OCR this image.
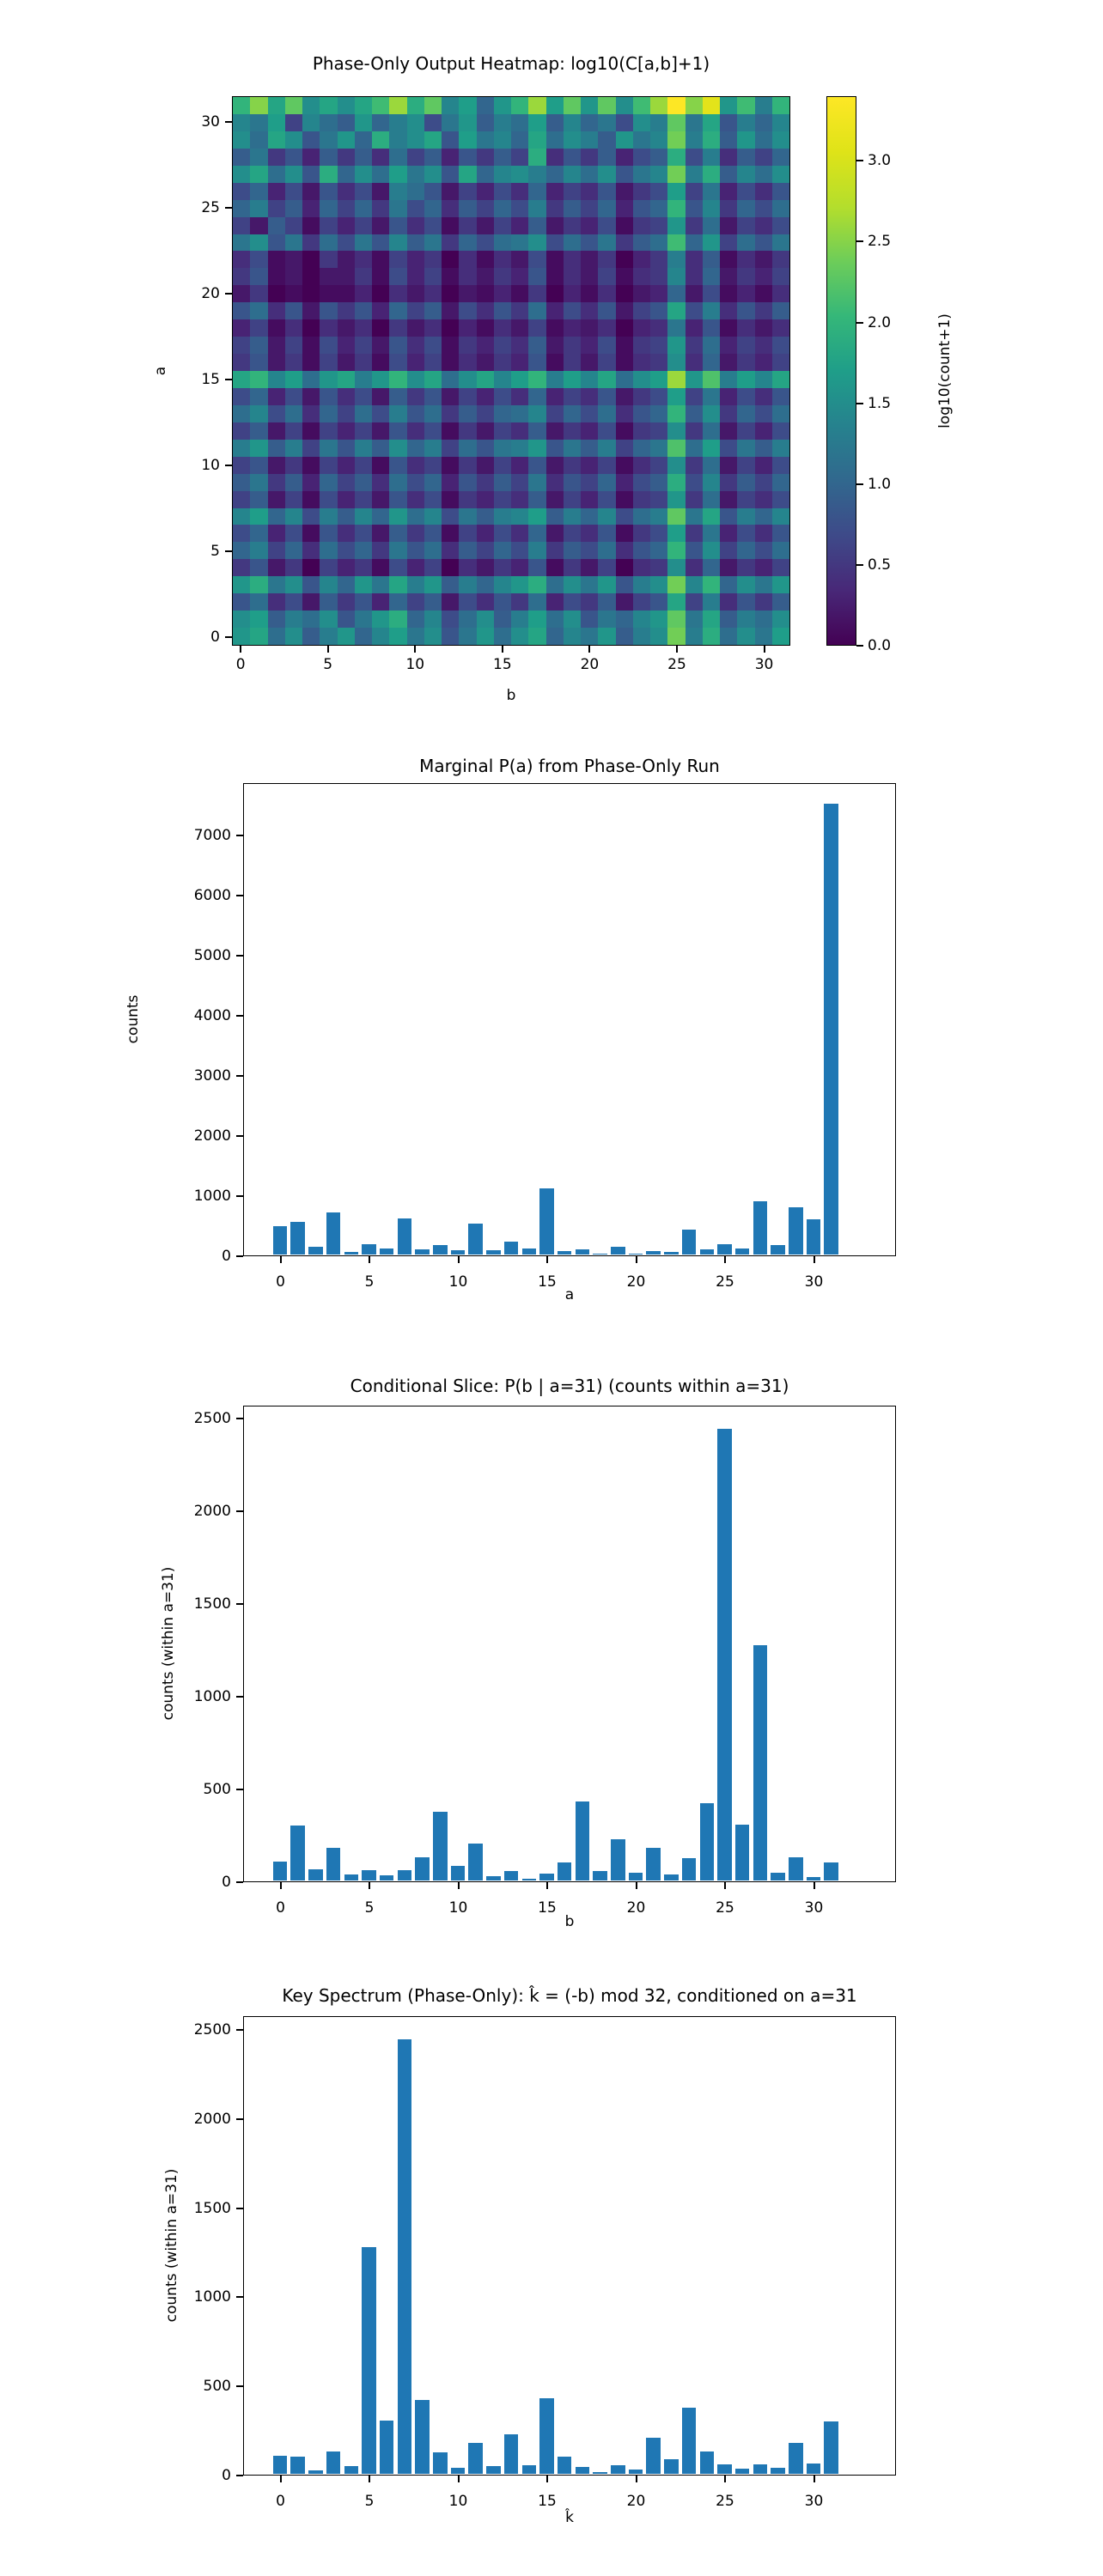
Phase-Only Output Heatmap: log10(C[a,b]+1)
a
b
log10(count+1)
Marginal P(a) from Phase-Only Run
counts
a
Conditional Slice: P(b | a=31) (counts within a=31)
counts (within a=31)
b
Key Spectrum (Phase-Only): k̂ = (-b) mod 32, conditioned on a=31
counts (within a=31)
k̂
0	5	10	15	20	25	30
0
5
10
15
20
25
30
0.0
0.5
1.0
1.5
2.0
2.5
3.0
0	5	10	15	20	25	30
0
1000
2000
3000
4000
5000
6000
7000
0	5	10	15	20	25	30
0
500
1000
1500
2000
2500
0	5	10	15	20	25	30
0
500
1000
1500
2000
2500
